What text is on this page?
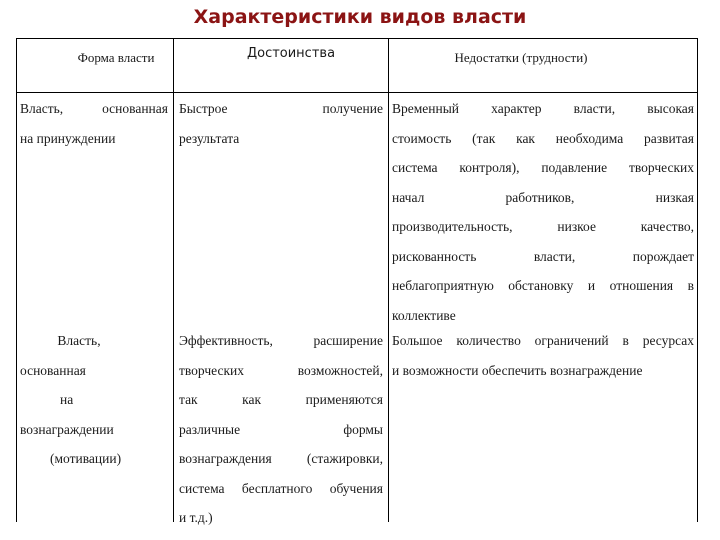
Характеристики видов власти
Форма власти	Достоинства	Недостатки (трудности)
Власть, основанная
на принуждении
Быстрое получение
результата
Временный характер власти, высокая
стоимость (так как необходима развитая
система контроля), подавление творческих
начал работников, низкая
производительность, низкое качество,
рискованность власти, порождает
неблагоприятную обстановку и отношения в
коллективе
Власть,
основанная
на
вознаграждении
(мотивации)
Эффективность, расширение
творческих возможностей,
так как применяются
различные формы
вознаграждения (стажировки,
система бесплатного обучения
и т.д.)
Большое количество ограничений в ресурсах
и возможности обеспечить вознаграждение
